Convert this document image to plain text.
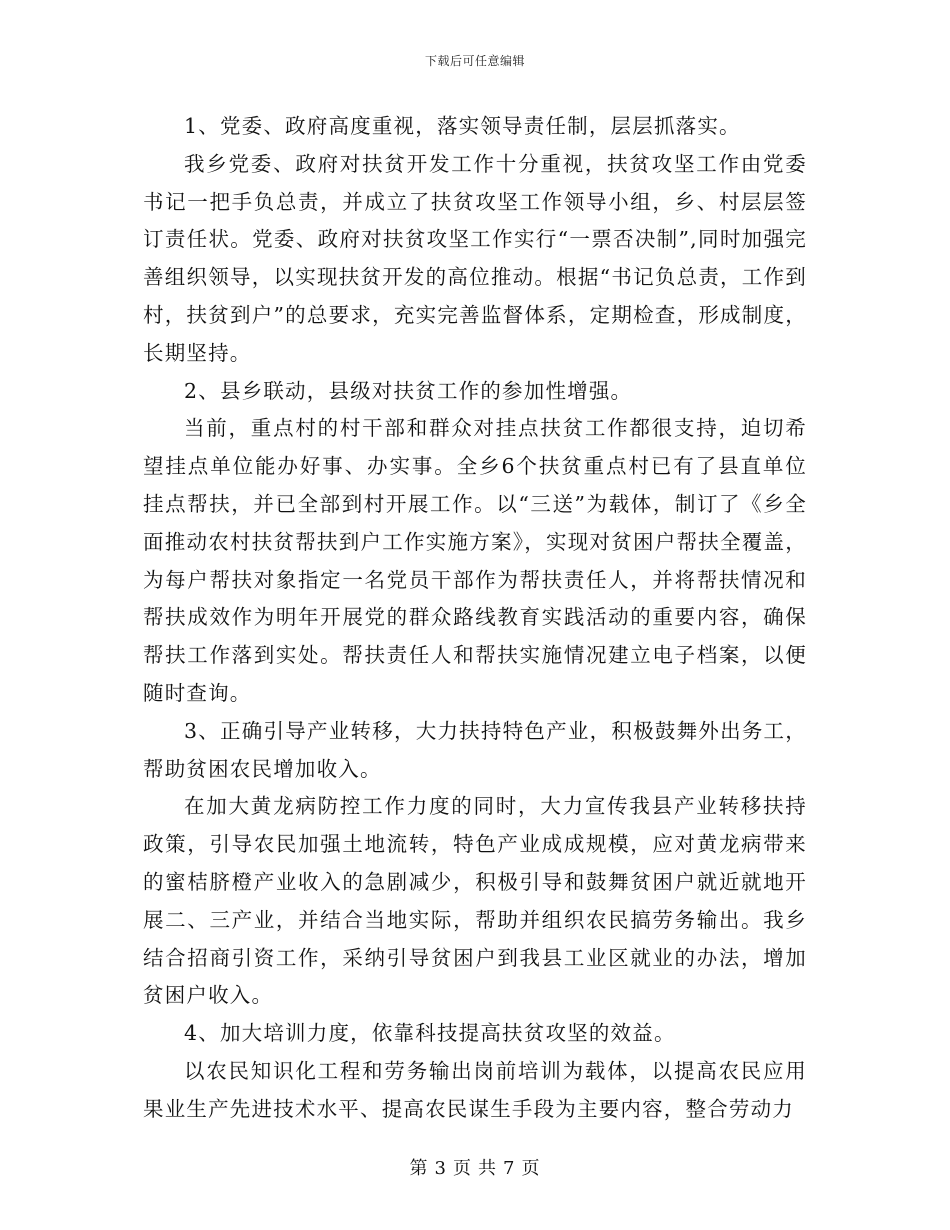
下载后可任意编辑

1、党委、政府高度重视，落实领导责任制，层层抓落实。

我乡党委、政府对扶贫开发工作十分重视，扶贫攻坚工作由党委书记一把手负总责，并成立了扶贫攻坚工作领导小组，乡、村层层签订责任状。党委、政府对扶贫攻坚工作实行“一票否决制”,同时加强完善组织领导，以实现扶贫开发的高位推动。根据“书记负总责，工作到村，扶贫到户”的总要求，充实完善监督体系，定期检查，形成制度，长期坚持。

2、县乡联动，县级对扶贫工作的参加性增强。

当前，重点村的村干部和群众对挂点扶贫工作都很支持，迫切希望挂点单位能办好事、办实事。全乡6个扶贫重点村已有了县直单位挂点帮扶，并已全部到村开展工作。以“三送”为载体，制订了《乡全面推动农村扶贫帮扶到户工作实施方案》，实现对贫困户帮扶全覆盖，为每户帮扶对象指定一名党员干部作为帮扶责任人，并将帮扶情况和帮扶成效作为明年开展党的群众路线教育实践活动的重要内容，确保帮扶工作落到实处。帮扶责任人和帮扶实施情况建立电子档案，以便随时查询。

3、正确引导产业转移，大力扶持特色产业，积极鼓舞外出务工，帮助贫困农民增加收入。

在加大黄龙病防控工作力度的同时，大力宣传我县产业转移扶持政策，引导农民加强土地流转，特色产业成成规模，应对黄龙病带来的蜜桔脐橙产业收入的急剧减少，积极引导和鼓舞贫困户就近就地开展二、三产业，并结合当地实际，帮助并组织农民搞劳务输出。我乡结合招商引资工作，采纳引导贫困户到我县工业区就业的办法，增加贫困户收入。

4、加大培训力度，依靠科技提高扶贫攻坚的效益。

以农民知识化工程和劳务输出岗前培训为载体，以提高农民应用果业生产先进技术水平、提高农民谋生手段为主要内容，整合劳动力

第 3 页 共 7 页
